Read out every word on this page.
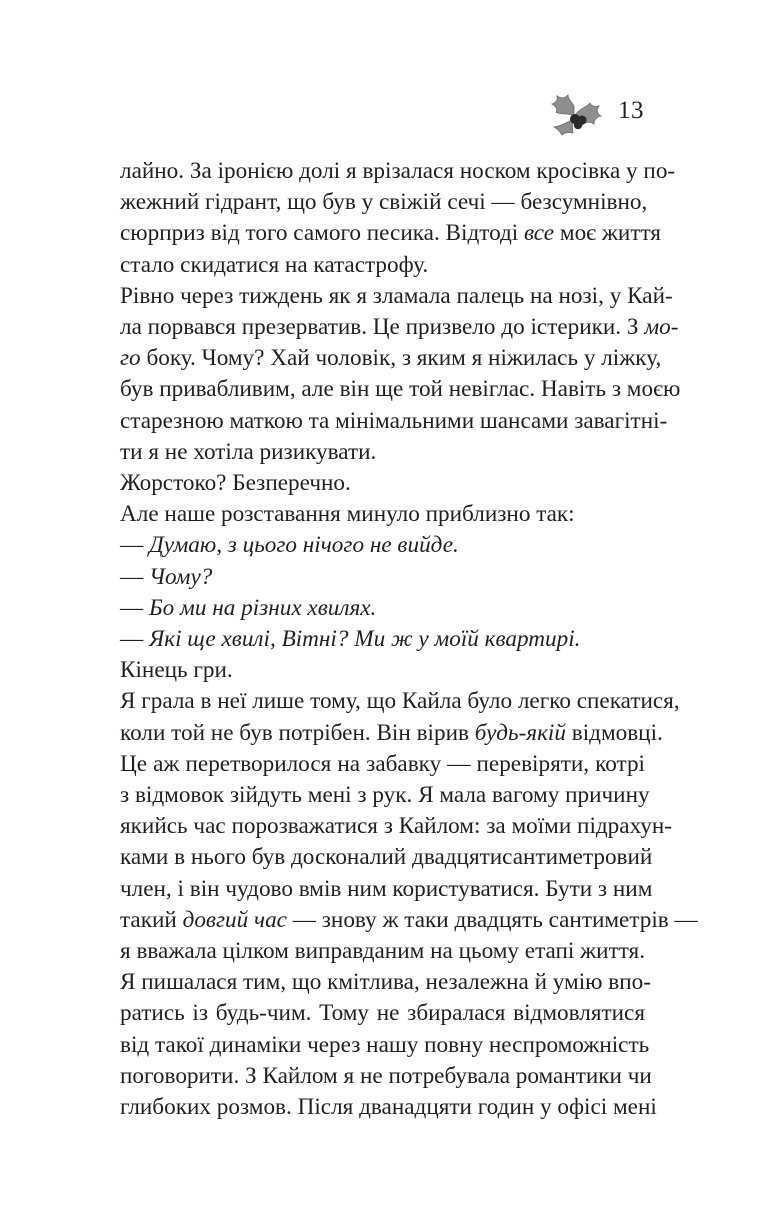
13
лайно. За іронією долі я врізалася носком кросівка у по-
жежний гідрант, що був у свіжій сечі — безсумнівно,
сюрприз від того самого песика. Відтоді все моє життя
стало скидатися на катастрофу.
Рівно через тиждень як я зламала палець на нозі, у Кай-
ла порвався презерватив. Це призвело до істерики. З мо-
го боку. Чому? Хай чоловік, з яким я ніжилась у ліжку,
був привабливим, але він ще той невіглас. Навіть з моєю
старезною маткою та мінімальними шансами завагітні-
ти я не хотіла ризикувати.
Жорстоко? Безперечно.
Але наше розставання минуло приблизно так:
— Думаю, з цього нічого не вийде.
— Чому?
— Бо ми на різних хвилях.
— Які ще хвилі, Вітні? Ми ж у моїй квартирі.
Кінець гри.
Я грала в неї лише тому, що Кайла було легко спекатися,
коли той не був потрібен. Він вірив будь-якій відмовці.
Це аж перетворилося на забавку — перевіряти, котрі
з відмовок зійдуть мені з рук. Я мала вагому причину
якийсь час порозважатися з Кайлом: за моїми підрахун-
ками в нього був досконалий двадцятисантиметровий
член, і він чудово вмів ним користуватися. Бути з ним
такий довгий час — знову ж таки двадцять сантиметрів —
я вважала цілком виправданим на цьому етапі життя.
Я пишалася тим, що кмітлива, незалежна й умію впо-
ратись із будь-чим. Тому не збиралася відмовлятися
від такої динаміки через нашу повну неспроможність
поговорити. З Кайлом я не потребувала романтики чи
глибоких розмов. Після дванадцяти годин у офісі мені
